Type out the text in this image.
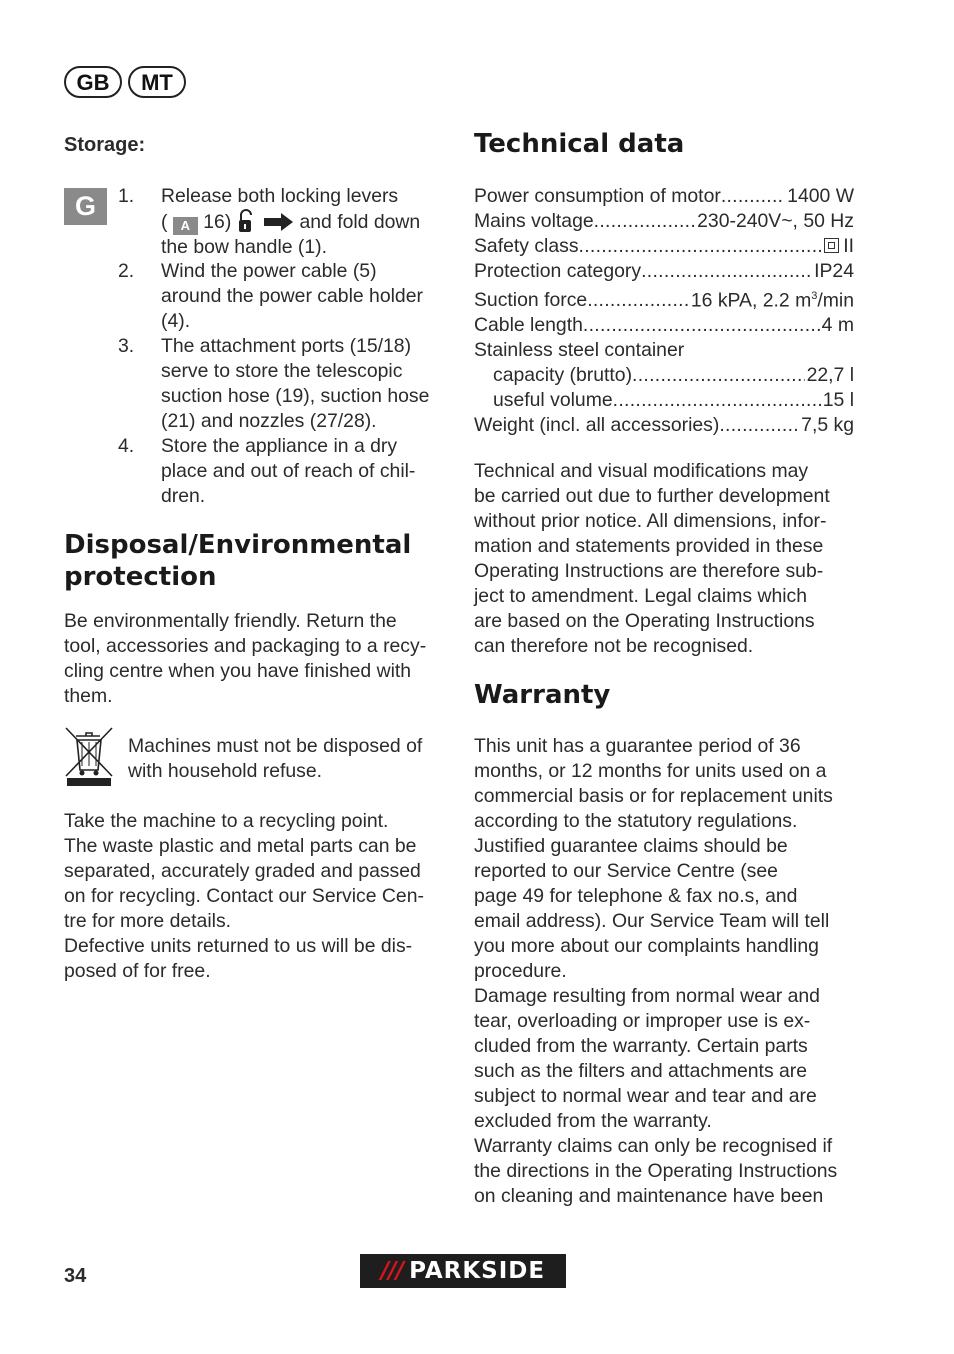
GB	MT
Storage:
G	1. Release both locking levers
( A 16)	and fold down
the bow handle (1).
2. Wind the power cable (5)
around the power cable holder
(4).
3. The attachment ports (15/18)
serve to store the telescopic
suction hose (19), suction hose
(21) and nozzles (27/28).
4. Store the appliance in a dry
place and out of reach of chil-
dren.
Disposal/Environmental
protection
Be environmentally friendly. Return the
tool, accessories and packaging to a recy-
cling centre when you have finished with
them.
Machines must not be disposed of
with household refuse.
Take the machine to a recycling point.
The waste plastic and metal parts can be
separated, accurately graded and passed
on for recycling. Contact our Service Cen-
tre for more details.
Defective units returned to us will be dis-
posed of for free.
Technical data
Power consumption of motor .....	1400 W
Mains voltage .....	230-240V~, 50 Hz
Safety class .....	II
Protection category .....	IP24
Suction force .....	16 kPA, 2.2 $m^3/\min$
Cable length .....	4 m
Stainless steel container
capacity (brutto) .....	22,7 l
useful volume .....	15 l
Weight (incl. all accessories) .....	7,5 kg
Technical and visual modifications may
be carried out due to further development
without prior notice. All dimensions, infor-
mation and statements provided in these
Operating Instructions are therefore sub-
ject to amendment. Legal claims which
are based on the Operating Instructions
can therefore not be recognised.
Warranty
This unit has a guarantee period of 36
months, or 12 months for units used on a
commercial basis or for replacement units
according to the statutory regulations.
Justified guarantee claims should be
reported to our Service Centre (see
page 49 for telephone & fax no.s, and
email address). Our Service Team will tell
you more about our complaints handling
procedure.
Damage resulting from normal wear and
tear, overloading or improper use is ex-
cluded from the warranty. Certain parts
such as the filters and attachments are
subject to normal wear and tear and are
excluded from the warranty.
Warranty claims can only be recognised if
the directions in the Operating Instructions
on cleaning and maintenance have been
34	/// PARKSIDE
